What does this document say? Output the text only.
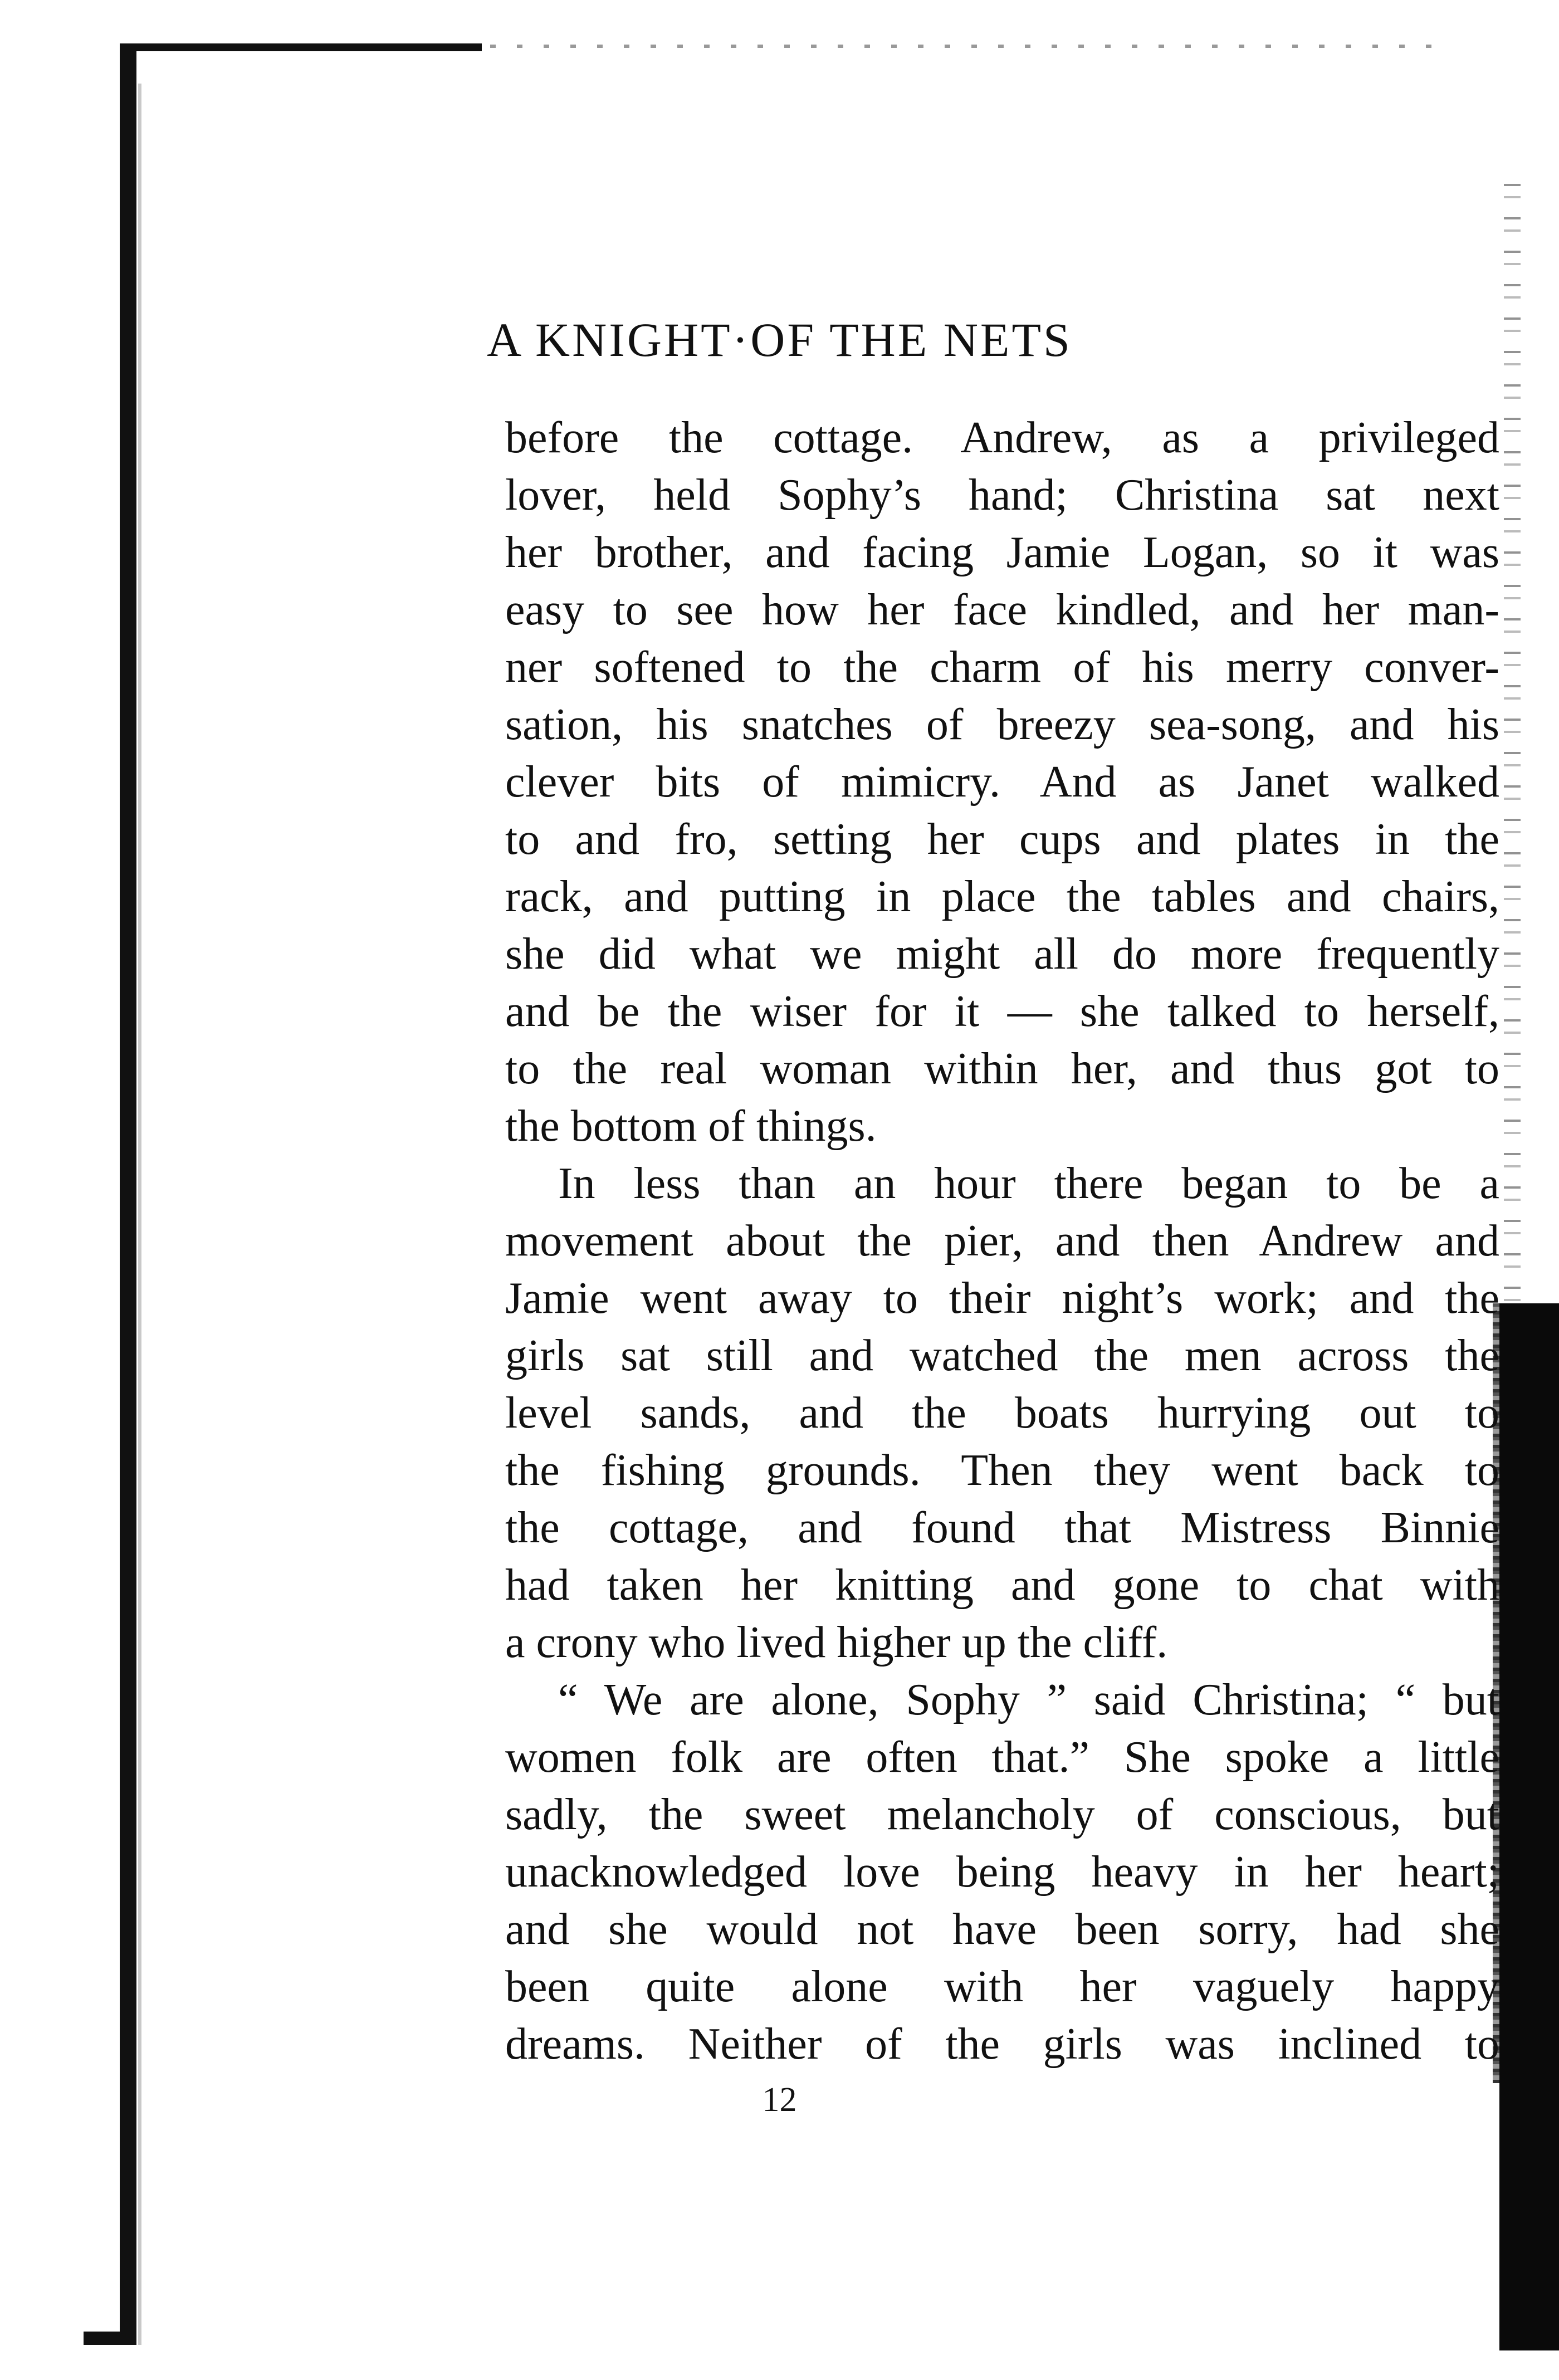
A KNIGHT·OF THE NETS
before the cottage. Andrew, as a privileged
lover, held Sophy’s hand; Christina sat next
her brother, and facing Jamie Logan, so it was
easy to see how her face kindled, and her man-
ner softened to the charm of his merry conver-
sation, his snatches of breezy sea-song, and his
clever bits of mimicry. And as Janet walked
to and fro, setting her cups and plates in the
rack, and putting in place the tables and chairs,
she did what we might all do more frequently
and be the wiser for it — she talked to herself,
to the real woman within her, and thus got to
the bottom of things.
In less than an hour there began to be a
movement about the pier, and then Andrew and
Jamie went away to their night’s work; and the
girls sat still and watched the men across the
level sands, and the boats hurrying out to
the fishing grounds. Then they went back to
the cottage, and found that Mistress Binnie
had taken her knitting and gone to chat with
a crony who lived higher up the cliff.
“ We are alone, Sophy ” said Christina; “ but
women folk are often that.” She spoke a little
sadly, the sweet melancholy of conscious, but
unacknowledged love being heavy in her heart;
and she would not have been sorry, had she
been quite alone with her vaguely happy
dreams. Neither of the girls was inclined to
12
